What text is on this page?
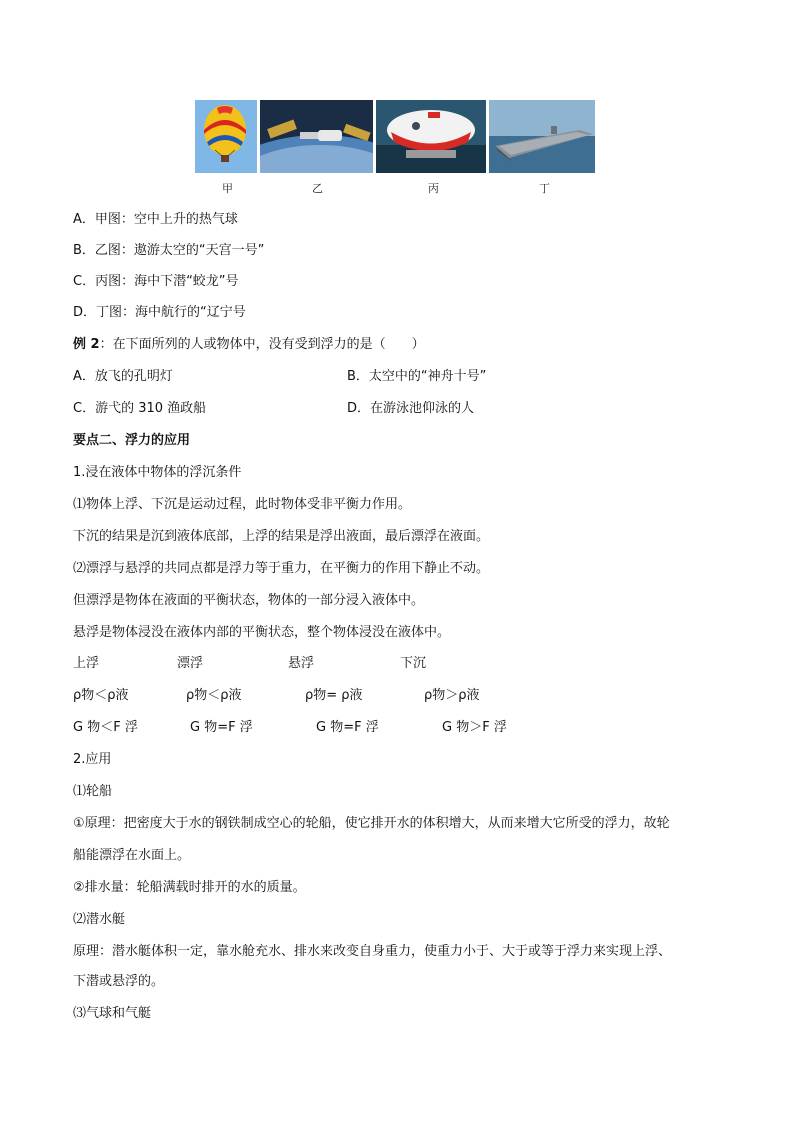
甲	乙	丙	丁
A．甲图：空中上升的热气球
B．乙图：遨游太空的“天宫一号”
C．丙图：海中下潜“蛟龙”号
D．丁图：海中航行的“辽宁号
例 2：在下面所列的人或物体中，没有受到浮力的是（　　）
A．放飞的孔明灯	B．太空中的“神舟十号”
C．游弋的 310 渔政船	D．在游泳池仰泳的人
要点二、浮力的应用
1.浸在液体中物体的浮沉条件
⑴物体上浮、下沉是运动过程，此时物体受非平衡力作用。
下沉的结果是沉到液体底部，上浮的结果是浮出液面，最后漂浮在液面。
⑵漂浮与悬浮的共同点都是浮力等于重力，在平衡力的作用下静止不动。
但漂浮是物体在液面的平衡状态，物体的一部分浸入液体中。
悬浮是物体浸没在液体内部的平衡状态，整个物体浸没在液体中。
上浮	漂浮	悬浮	下沉
ρ物＜ρ液	ρ物＜ρ液	ρ物= ρ液	ρ物＞ρ液
G 物＜F 浮	G 物=F 浮	G 物=F 浮	G 物＞F 浮
2.应用
⑴轮船
①原理：把密度大于水的钢铁制成空心的轮船，使它排开水的体积增大，从而来增大它所受的浮力，故轮
船能漂浮在水面上。
②排水量：轮船满载时排开的水的质量。
⑵潜水艇
原理：潜水艇体积一定，靠水舱充水、排水来改变自身重力，使重力小于、大于或等于浮力来实现上浮、
下潜或悬浮的。
⑶气球和气艇
